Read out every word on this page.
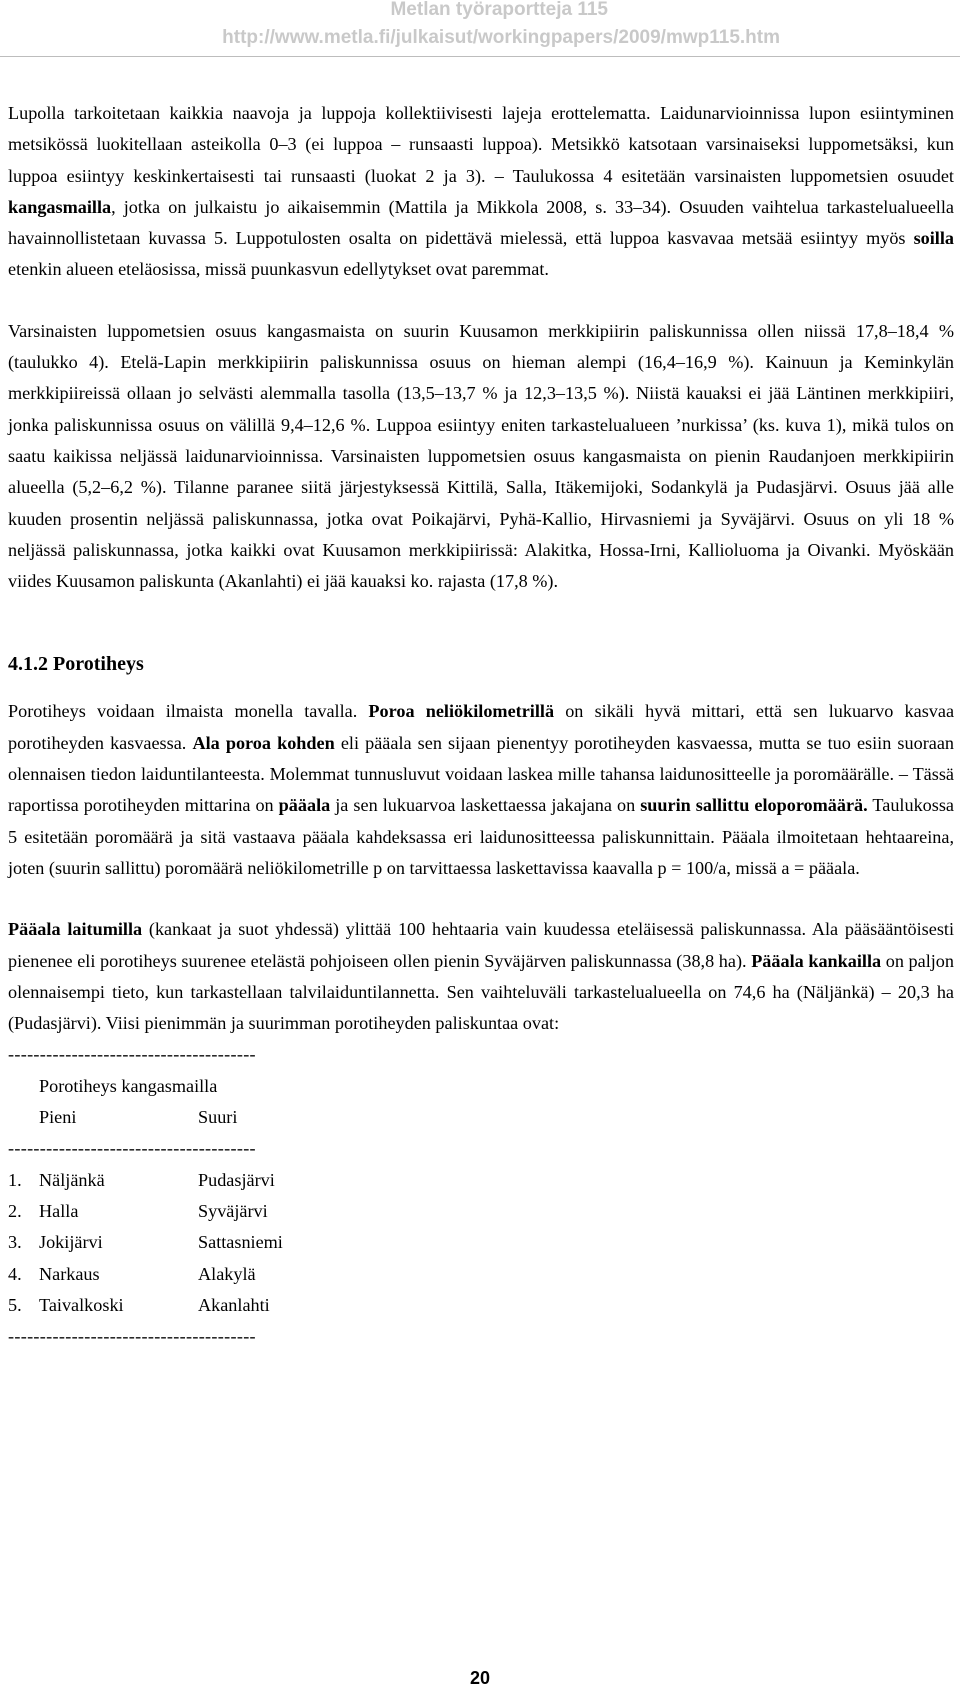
Metlan työraportteja 115
http://www.metla.fi/julkaisut/workingpapers/2009/mwp115.htm

Lupolla tarkoitetaan kaikkia naavoja ja luppoja kollektiivisesti lajeja erottelematta. Laidunarvioinnissa lupon esiintyminen metsikössä luokitellaan asteikolla 0–3 (ei luppoa – runsaasti luppoa). Metsikkö katsotaan varsinaiseksi luppometsäksi, kun luppoa esiintyy keskinkertaisesti tai runsaasti (luokat 2 ja 3). – Taulukossa 4 esitetään varsinaisten luppometsien osuudet kangasmailla, jotka on julkaistu jo aikaisemmin (Mattila ja Mikkola 2008, s. 33–34). Osuuden vaihtelua tarkastelualueella havainnollistetaan kuvassa 5. Luppotulosten osalta on pidettävä mielessä, että luppoa kasvavaa metsää esiintyy myös soilla etenkin alueen eteläosissa, missä puunkasvun edellytykset ovat paremmat.

Varsinaisten luppometsien osuus kangasmaista on suurin Kuusamon merkkipiirin paliskunnissa ollen niissä 17,8–18,4 % (taulukko 4). Etelä-Lapin merkkipiirin paliskunnissa osuus on hieman alempi (16,4–16,9 %). Kainuun ja Keminkylän merkkipiireissä ollaan jo selvästi alemmalla tasolla (13,5–13,7 % ja 12,3–13,5 %). Niistä kauaksi ei jää Läntinen merkkipiiri, jonka paliskunnissa osuus on välillä 9,4–12,6 %. Luppoa esiintyy eniten tarkastelualueen ’nurkissa’ (ks. kuva 1), mikä tulos on saatu kaikissa neljässä laidunarvioinnissa. Varsinaisten luppometsien osuus kangasmaista on pienin Raudanjoen merkkipiirin alueella (5,2–6,2 %). Tilanne paranee siitä järjestyksessä Kittilä, Salla, Itäkemijoki, Sodankylä ja Pudasjärvi. Osuus jää alle kuuden prosentin neljässä paliskunnassa, jotka ovat Poikajärvi, Pyhä-Kallio, Hirvasniemi ja Syväjärvi. Osuus on yli 18 % neljässä paliskunnassa, jotka kaikki ovat Kuusamon merkkipiirissä: Alakitka, Hossa-Irni, Kallioluoma ja Oivanki. Myöskään viides Kuusamon paliskunta (Akanlahti) ei jää kauaksi ko. rajasta (17,8 %).

4.1.2 Porotiheys

Porotiheys voidaan ilmaista monella tavalla. Poroa neliökilometrillä on sikäli hyvä mittari, että sen lukuarvo kasvaa porotiheyden kasvaessa. Ala poroa kohden eli pääala sen sijaan pienentyy porotiheyden kasvaessa, mutta se tuo esiin suoraan olennaisen tiedon laiduntilanteesta. Molemmat tunnusluvut voidaan laskea mille tahansa laidunositteelle ja poromäärälle. – Tässä raportissa porotiheyden mittarina on pääala ja sen lukuarvoa laskettaessa jakajana on suurin sallittu eloporomäärä. Taulukossa 5 esitetään poromäärä ja sitä vastaava pääala kahdeksassa eri laidunositteessa paliskunnittain. Pääala ilmoitetaan hehtaareina, joten (suurin sallittu) poromäärä neliökilometrille p on tarvittaessa laskettavissa kaavalla p = 100/a, missä a = pääala.

Pääala laitumilla (kankaat ja suot yhdessä) ylittää 100 hehtaaria vain kuudessa eteläisessä paliskunnassa. Ala pääsääntöisesti pienenee eli porotiheys suurenee etelästä pohjoiseen ollen pienin Syväjärven paliskunnassa (38,8 ha). Pääala kankailla on paljon olennaisempi tieto, kun tarkastellaan talvilaiduntilannetta. Sen vaihteluväli tarkastelualueella on 74,6 ha (Näljänkä) – 20,3 ha (Pudasjärvi). Viisi pienimmän ja suurimman porotiheyden paliskuntaa ovat:

---------------------------------------
Porotiheys kangasmailla
Pieni	Suuri
---------------------------------------
1. Näljänkä	Pudasjärvi
2. Halla	Syväjärvi
3. Jokijärvi	Sattasniemi
4. Narkaus	Alakylä
5. Taivalkoski	Akanlahti
---------------------------------------
20
